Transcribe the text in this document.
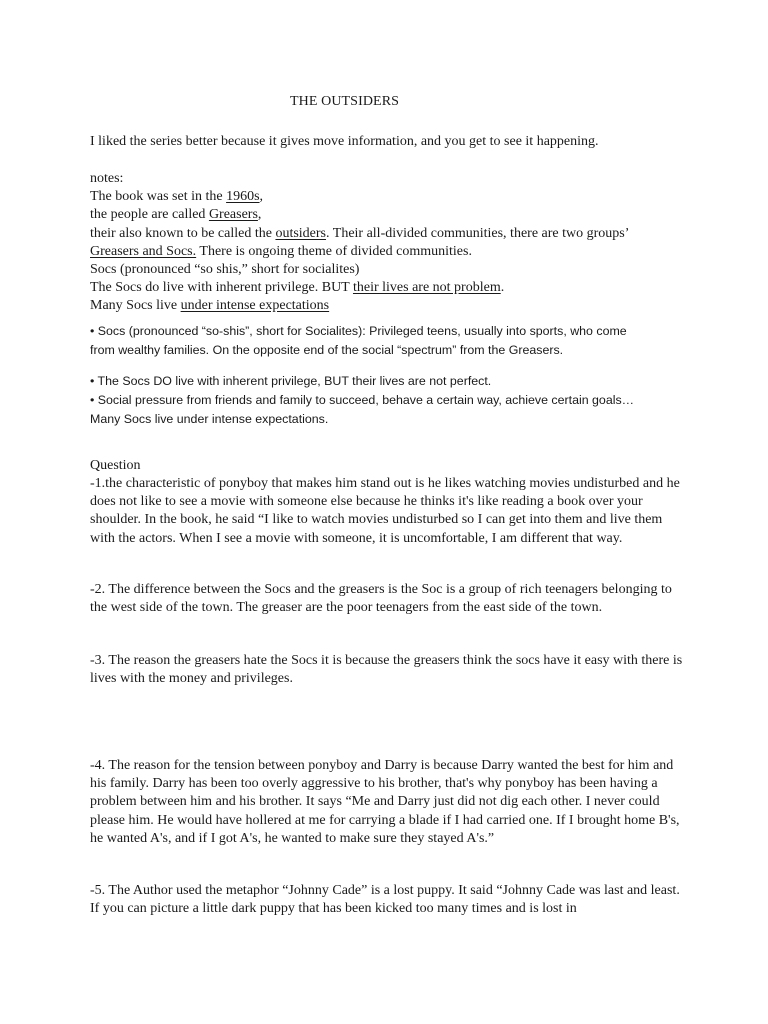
THE OUTSIDERS
I liked the series better because it gives move information, and you get to see it happening.
notes:
The book was set in the 1960s,
the people are called Greasers,
their also known to be called the outsiders. Their all-divided communities, there are two groups’
Greasers and Socs. There is ongoing theme of divided communities.
Socs (pronounced “so shis,” short for socialites)
The Socs do live with inherent privilege. BUT their lives are not problem.
Many Socs live under intense expectations
• Socs (pronounced “so-shis”, short for Socialites): Privileged teens, usually into sports, who come
from wealthy families. On the opposite end of the social “spectrum” from the Greasers.
• The Socs DO live with inherent privilege, BUT their lives are not perfect.
• Social pressure from friends and family to succeed, behave a certain way, achieve certain goals…
Many Socs live under intense expectations.
Question

-1.the characteristic of ponyboy that makes him stand out is he likes watching movies undisturbed and he does not like to see a movie with someone else because he thinks it's like reading a book over your shoulder. In the book, he said “I like to watch movies undisturbed so I can get into them and live them with the actors. When I see a movie with someone, it is uncomfortable, I am different that way.

-2. The difference between the Socs and the greasers is the Soc is a group of rich teenagers belonging to the west side of the town. The greaser are the poor teenagers from the east side of the town.

-3. The reason the greasers hate the Socs it is because the greasers think the socs have it easy with there is lives with the money and privileges.

-4. The reason for the tension between ponyboy and Darry is because Darry wanted the best for him and his family. Darry has been too overly aggressive to his brother, that's why ponyboy has been having a problem between him and his brother. It says “Me and Darry just did not dig each other. I never could please him. He would have hollered at me for carrying a blade if I had carried one. If I brought home B's, he wanted A's, and if I got A's, he wanted to make sure they stayed A's.”

-5. The Author used the metaphor “Johnny Cade” is a lost puppy. It said “Johnny Cade was last and least. If you can picture a little dark puppy that has been kicked too many times and is lost in
